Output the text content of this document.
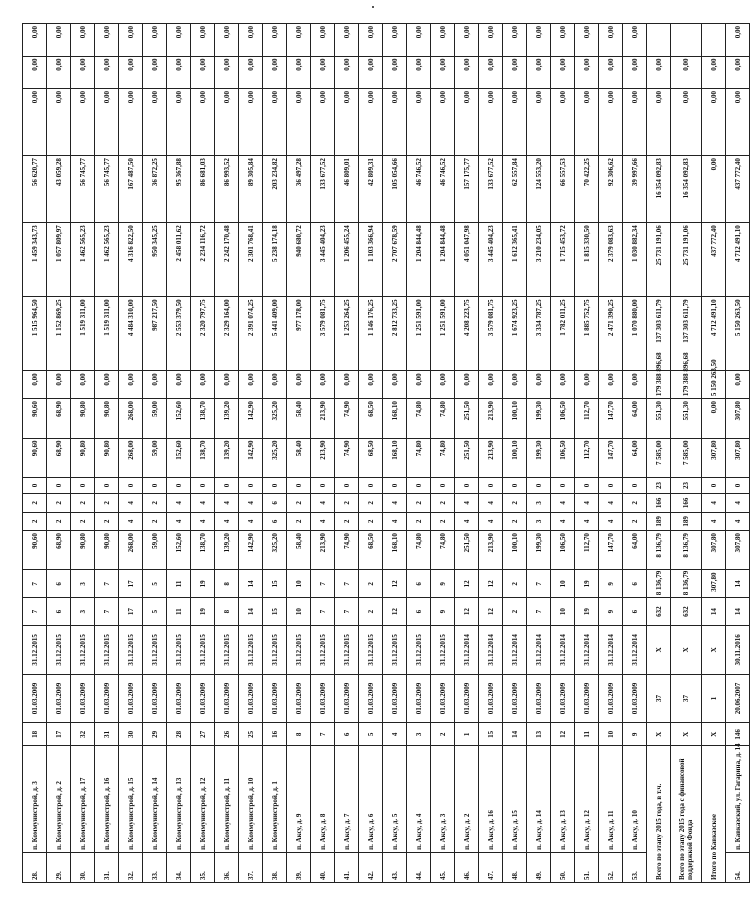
28.	п. Коммунистрой, д. 3	18	01.03.2009	31.12.2015	7	7	90,60	2	2	0	90,60	90,60	0,00	1 515 964,50	1 459 343,73	56 620,77	0,00	0,00	0,00
29.	п. Коммунистрой, д. 2	17	01.03.2009	31.12.2015	6	6	68,90	2	2	0	68,90	68,90	0,00	1 152 869,25	1 057 809,97	43 059,28	0,00	0,00	0,00
30.	п. Коммунистрой, д. 17	32	01.03.2009	31.12.2015	3	3	90,80	2	2	0	90,80	90,80	0,00	1 519 311,00	1 462 565,23	56 745,77	0,00	0,00	0,00
31.	п. Коммунистрой, д. 16	31	01.03.2009	31.12.2015	7	7	90,80	2	2	0	90,80	90,80	0,00	1 519 311,00	1 462 565,23	56 745,77	0,00	0,00	0,00
32.	п. Коммунистрой, д. 15	30	01.03.2009	31.12.2015	17	17	268,00	4	4	0	268,00	268,00	0,00	4 484 310,00	4 316 822,50	167 487,50	0,00	0,00	0,00
33.	п. Коммунистрой, д. 14	29	01.03.2009	31.12.2015	5	5	59,00	2	2	0	59,00	59,00	0,00	987 217,50	950 345,25	36 872,25	0,00	0,00	0,00
34.	п. Коммунистрой, д. 13	28	01.03.2009	31.12.2015	11	11	152,60	4	4	0	152,60	152,60	0,00	2 553 379,50	2 458 011,62	95 367,88	0,00	0,00	0,00
35.	п. Коммунистрой, д. 12	27	01.03.2009	31.12.2015	19	19	138,70	4	4	0	138,70	138,70	0,00	2 320 797,75	2 234 116,72	86 681,03	0,00	0,00	0,00
36.	п. Коммунистрой, д. 11	26	01.03.2009	31.12.2015	8	8	139,20	4	4	0	139,20	139,20	0,00	2 329 164,00	2 242 170,48	86 993,52	0,00	0,00	0,00
37.	п. Коммунистрой, д. 10	25	01.03.2009	31.12.2015	14	14	142,90	4	4	0	142,90	142,90	0,00	2 391 074,25	2 301 768,41	89 305,84	0,00	0,00	0,00
38.	п. Коммунистрой, д. 1	16	01.03.2009	31.12.2015	15	15	325,20	6	6	0	325,20	325,20	0,00	5 441 409,00	5 238 174,18	203 234,82	0,00	0,00	0,00
39.	п. Аксу, д. 9	8	01.03.2009	31.12.2015	10	10	58,40	2	2	0	58,40	58,40	0,00	977 178,00	940 680,72	36 497,28	0,00	0,00	0,00
40.	п. Аксу, д. 8	7	01.03.2009	31.12.2015	7	7	213,90	4	4	0	213,90	213,90	0,00	3 579 081,75	3 445 404,23	133 677,52	0,00	0,00	0,00
41.	п. Аксу, д. 7	6	01.03.2009	31.12.2015	7	7	74,90	2	2	0	74,90	74,90	0,00	1 253 264,25	1 206 455,24	46 809,01	0,00	0,00	0,00
42.	п. Аксу, д. 6	5	01.03.2009	31.12.2015	2	2	68,50	2	2	0	68,50	68,50	0,00	1 146 176,25	1 103 366,94	42 809,31	0,00	0,00	0,00
43.	п. Аксу, д. 5	4	01.03.2009	31.12.2015	12	12	168,10	4	4	0	168,10	168,10	0,00	2 812 733,25	2 707 678,59	105 054,66	0,00	0,00	0,00
44.	п. Аксу, д. 4	3	01.03.2009	31.12.2015	6	6	74,80	2	2	0	74,80	74,80	0,00	1 251 591,00	1 204 844,48	46 746,52	0,00	0,00	0,00
45.	п. Аксу, д. 3	2	01.03.2009	31.12.2015	9	9	74,80	2	2	0	74,80	74,80	0,00	1 251 591,00	1 204 844,48	46 746,52	0,00	0,00	0,00
46.	п. Аксу, д. 2	1	01.03.2009	31.12.2014	12	12	251,50	4	4	0	251,50	251,50	0,00	4 208 223,75	4 051 047,98	157 175,77	0,00	0,00	0,00
47.	п. Аксу, д. 16	15	01.03.2009	31.12.2014	12	12	213,90	4	4	0	213,90	213,90	0,00	3 579 081,75	3 445 404,23	133 677,52	0,00	0,00	0,00
48.	п. Аксу, д. 15	14	01.03.2009	31.12.2014	2	2	100,10	2	2	0	100,10	100,10	0,00	1 674 923,25	1 612 365,41	62 557,84	0,00	0,00	0,00
49.	п. Аксу, д. 14	13	01.03.2009	31.12.2014	7	7	199,30	3	3	0	199,30	199,30	0,00	3 334 787,25	3 210 234,05	124 553,20	0,00	0,00	0,00
50.	п. Аксу, д. 13	12	01.03.2009	31.12.2014	10	10	106,50	4	4	0	106,50	106,50	0,00	1 782 011,25	1 715 453,72	66 557,53	0,00	0,00	0,00
51.	п. Аксу, д. 12	11	01.03.2009	31.12.2014	19	19	112,70	4	4	0	112,70	112,70	0,00	1 885 752,75	1 815 330,50	70 422,25	0,00	0,00	0,00
52.	п. Аксу, д. 11	10	01.03.2009	31.12.2014	9	9	147,70	4	4	0	147,70	147,70	0,00	2 471 390,25	2 379 083,63	92 306,62	0,00	0,00	0,00
53.	п. Аксу, д. 10	9	01.03.2009	31.12.2014	6	6	64,00	2	2	0	64,00	64,00	0,00	1 070 880,00	1 030 882,34	39 997,66	0,00	0,00	0,00
Всего по этапу 2015 года, в т.ч.		X	37	X	632	8 136,79	8 136,79	189	166	23	7 585,00	551,30	179 388 896,68	137 303 611,79	25 731 191,06	16 354 092,83	0,00	0,00	
Всего по этапу 2015 года с финансовой поддержкой Фонда		X	37	X	632	8 136,79	8 136,79	189	166	23	7 585,00	551,30	179 388 896,68	137 303 611,79	25 731 191,06	16 354 092,83	0,00	0,00	
Итого по Кавказское		X	1	X	14	307,80	307,80	4	4	0	307,80	0,00	5 150 263,50	4 712 491,10	437 772,40	0,00	0,00	0,00	
54.	п. Кавказский, ул. Гагарина, д. 14	146	20.06.2007	30.11.2016	14	14	307,80	4	4	0	307,80	307,80	0,00	5 150 263,50	4 712 491,10	437 772,40	0,00	0,00	0,00
